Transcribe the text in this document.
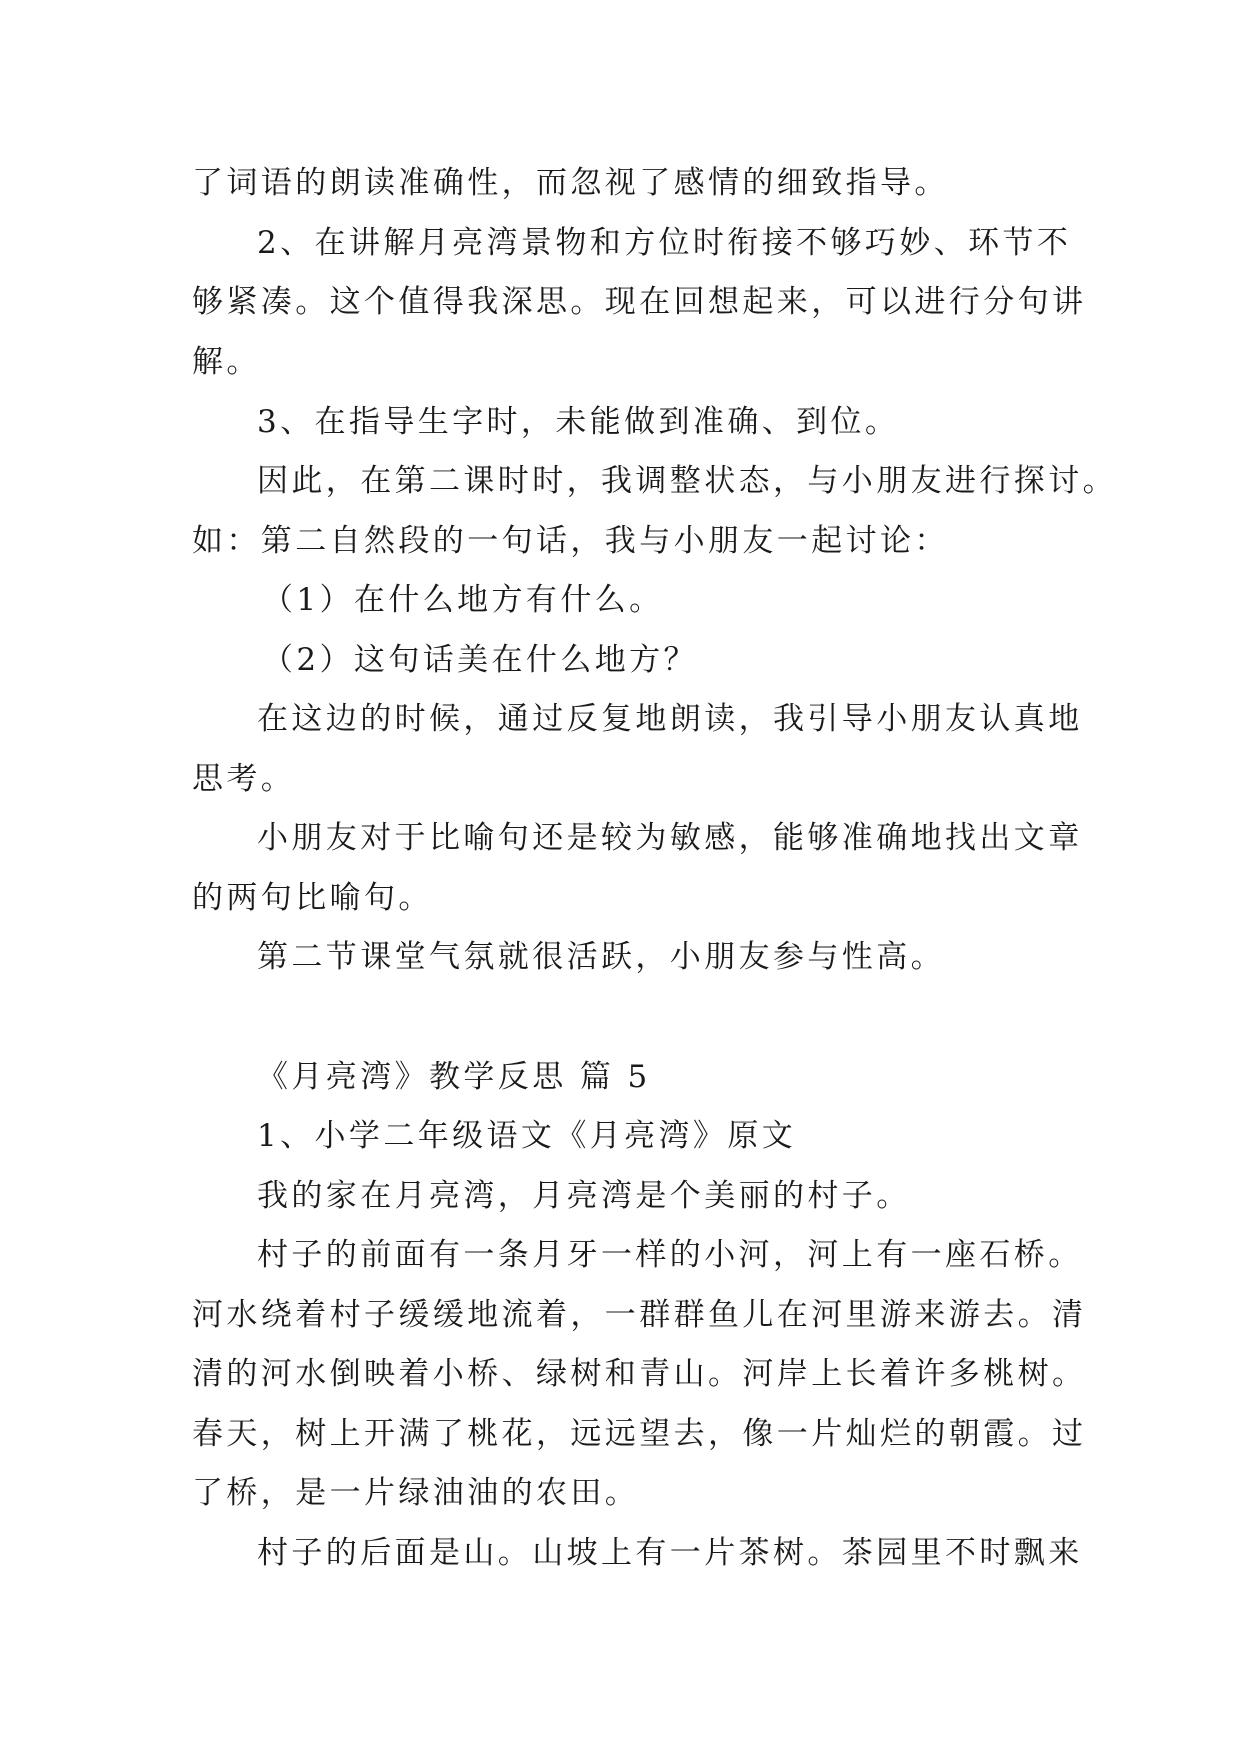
了词语的朗读准确性，而忽视了感情的细致指导。

2、在讲解月亮湾景物和方位时衔接不够巧妙、环节不

够紧凑。这个值得我深思。现在回想起来，可以进行分句讲

解。

3、在指导生字时，未能做到准确、到位。

因此，在第二课时时，我调整状态，与小朋友进行探讨。

如：第二自然段的一句话，我与小朋友一起讨论：

（1）在什么地方有什么。

（2）这句话美在什么地方？

在这边的时候，通过反复地朗读，我引导小朋友认真地

思考。

小朋友对于比喻句还是较为敏感，能够准确地找出文章

的两句比喻句。

第二节课堂气氛就很活跃，小朋友参与性高。

《月亮湾》教学反思 篇 5

1、小学二年级语文《月亮湾》原文

我的家在月亮湾，月亮湾是个美丽的村子。

村子的前面有一条月牙一样的小河，河上有一座石桥。

河水绕着村子缓缓地流着，一群群鱼儿在河里游来游去。清

清的河水倒映着小桥、绿树和青山。河岸上长着许多桃树。

春天，树上开满了桃花，远远望去，像一片灿烂的朝霞。过

了桥，是一片绿油油的农田。

村子的后面是山。山坡上有一片茶树。茶园里不时飘来
